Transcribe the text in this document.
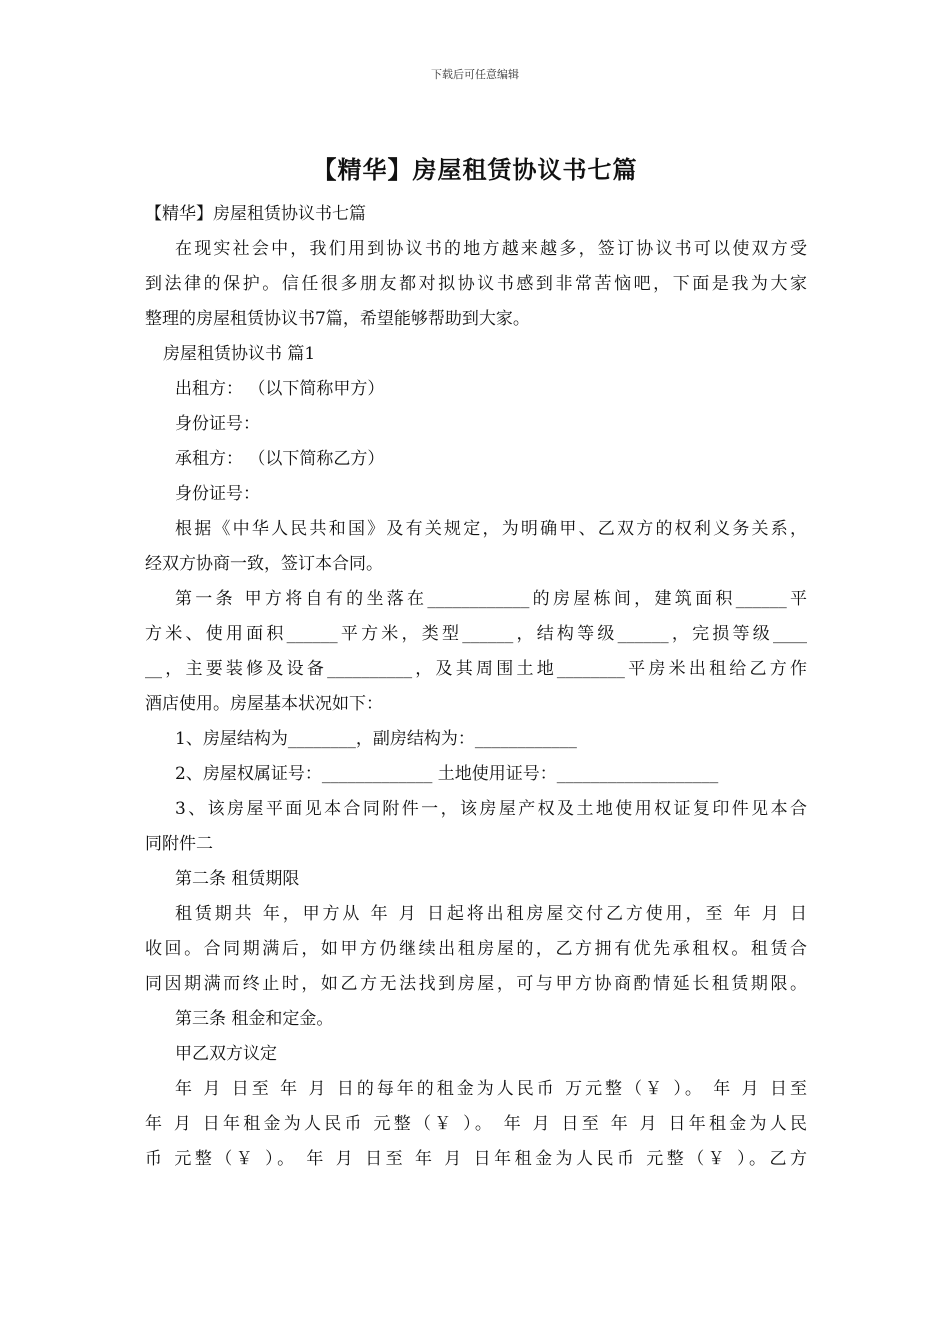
下载后可任意编辑
【精华】房屋租赁协议书七篇
【精华】房屋租赁协议书七篇
在现实社会中，我们用到协议书的地方越来越多，签订协议书可以使双方受
到法律的保护。信任很多朋友都对拟协议书感到非常苦恼吧，下面是我为大家
整理的房屋租赁协议书7篇，希望能够帮助到大家。
房屋租赁协议书 篇1
出租方： （以下简称甲方）
身份证号：
承租方： （以下简称乙方）
身份证号：
根据《中华人民共和国》及有关规定，为明确甲、乙双方的权利义务关系，
经双方协商一致，签订本合同。
第一条 甲方将自有的坐落在____________的房屋栋间，建筑面积______平
方米、使用面积______平方米，类型______，结构等级______，完损等级____
__，主要装修及设备__________，及其周围土地________平房米出租给乙方作
酒店使用。房屋基本状况如下：
1、房屋结构为________，副房结构为：____________
2、房屋权属证号：_____________ 土地使用证号：___________________
3、该房屋平面见本合同附件一，该房屋产权及土地使用权证复印件见本合
同附件二
第二条 租赁期限
租赁期共 年，甲方从 年 月 日起将出租房屋交付乙方使用，至 年 月 日
收回。合同期满后，如甲方仍继续出租房屋的，乙方拥有优先承租权。租赁合
同因期满而终止时，如乙方无法找到房屋，可与甲方协商酌情延长租赁期限。
第三条 租金和定金。
甲乙双方议定
年 月 日至 年 月 日的每年的租金为人民币 万元整（￥ ）。 年 月 日至
年 月 日年租金为人民币 元整（￥ ）。 年 月 日至 年 月 日年租金为人民
币 元整（￥ ）。 年 月 日至 年 月 日年租金为人民币 元整（￥ ）。乙方
